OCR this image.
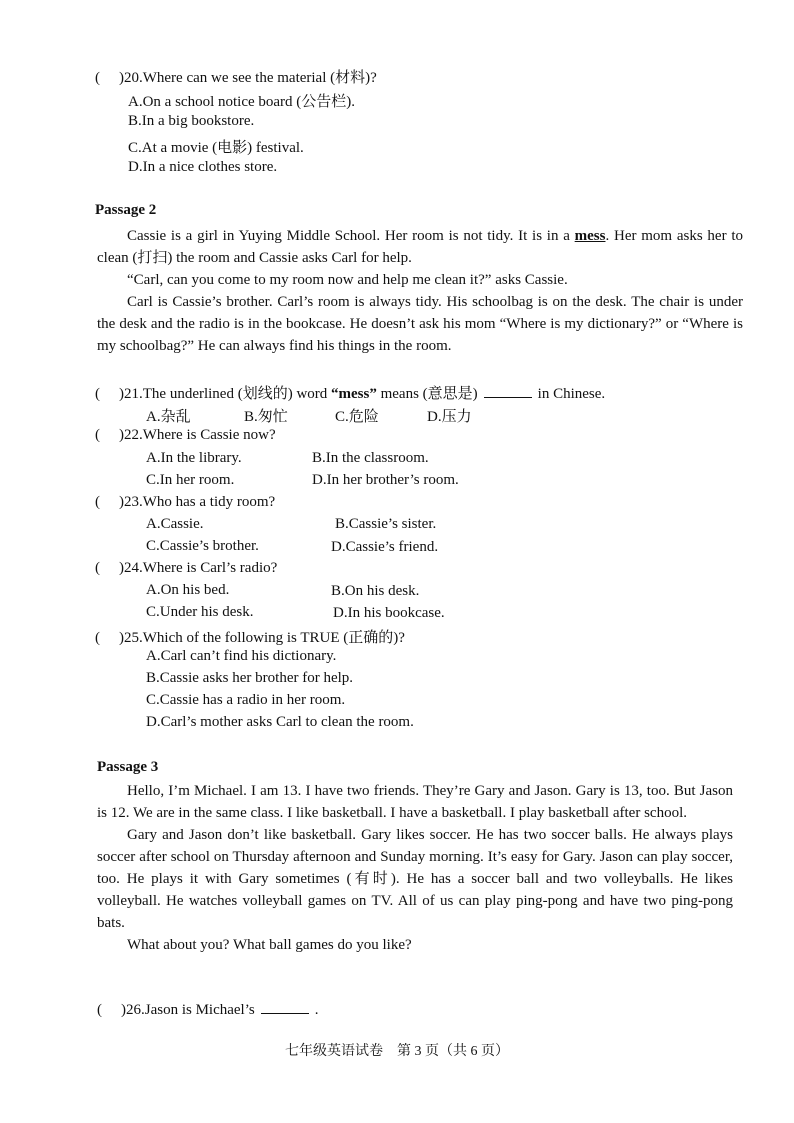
( )20.Where can we see the material (材料)?
A.On a school notice board (公告栏).
B.In a big bookstore.
C.At a movie (电影) festival.
D.In a nice clothes store.
Passage 2

Cassie is a girl in Yuying Middle School. Her room is not tidy. It is in a mess. Her mom asks her to clean (打扫) the room and Cassie asks Carl for help.

“Carl, can you come to my room now and help me clean it?” asks Cassie.

Carl is Cassie’s brother. Carl’s room is always tidy. His schoolbag is on the desk. The chair is under the desk and the radio is in the bookcase. He doesn’t ask his mom “Where is my dictionary?” or “Where is my schoolbag?” He can always find his things in the room.

( )21.The underlined (划线的) word “mess” means (意思是)	in Chinese.
A.杂乱	B.匆忙	C.危险	D.压力
( )22.Where is Cassie now?
A.In the library.	B.In the classroom.
C.In her room.	D.In her brother’s room.
( )23.Who has a tidy room?
A.Cassie.	B.Cassie’s sister.
C.Cassie’s brother.	D.Cassie’s friend.
( )24.Where is Carl’s radio?
A.On his bed.	B.On his desk.
C.Under his desk.	D.In his bookcase.
( )25.Which of the following is TRUE (正确的)?
A.Carl can’t find his dictionary.
B.Cassie asks her brother for help.
C.Cassie has a radio in her room.
D.Carl’s mother asks Carl to clean the room.
Passage 3

Hello, I’m Michael. I am 13. I have two friends. They’re Gary and Jason. Gary is 13, too. But Jason is 12. We are in the same class. I like basketball. I have a basketball. I play basketball after school.

Gary and Jason don’t like basketball. Gary likes soccer. He has two soccer balls. He always plays soccer after school on Thursday afternoon and Sunday morning. It’s easy for Gary. Jason can play soccer, too. He plays it with Gary sometimes (有时). He has a soccer ball and two volleyballs. He likes volleyball. He watches volleyball games on TV. All of us can play ping-pong and have two ping-pong bats.

What about you? What ball games do you like?

( )26.Jason is Michael’s	.
七年级英语试卷　第 3 页（共 6 页）
